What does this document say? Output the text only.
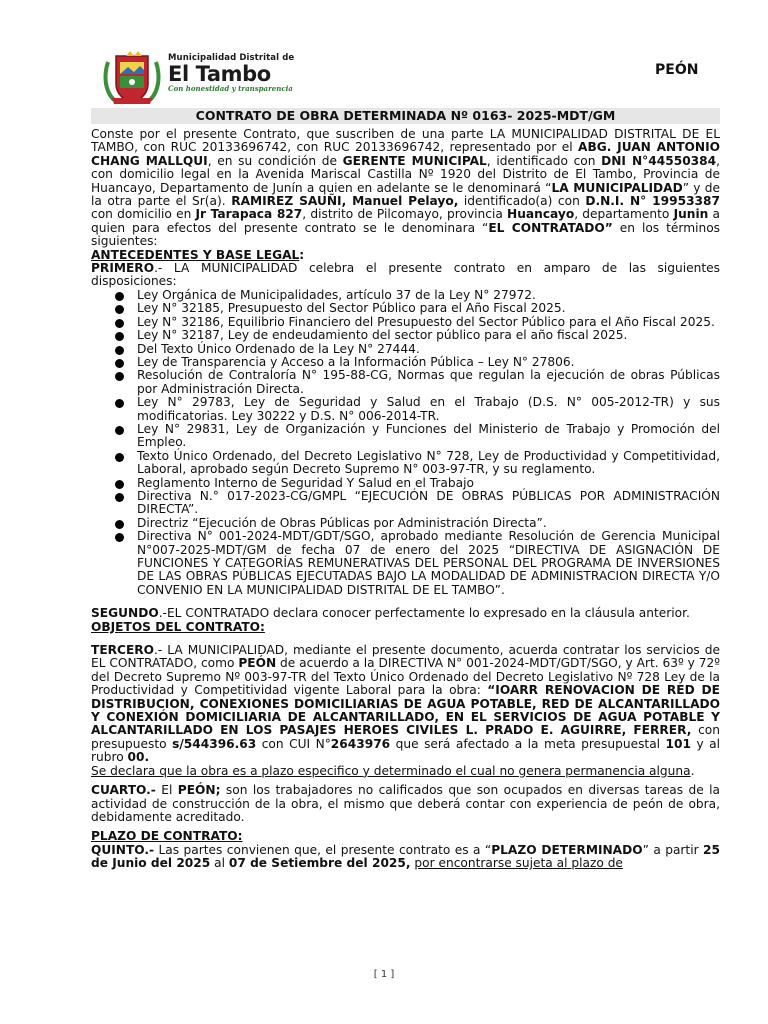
Municipalidad Distrital de
El Tambo
Con honestidad y transparencia
PEÓN
CONTRATO DE OBRA DETERMINADA Nº 0163- 2025-MDT/GM

Conste por el presente Contrato, que suscriben de una parte LA MUNICIPALIDAD DISTRITAL DE EL TAMBO, con RUC 20133696742, con RUC 20133696742, representado por el ABG. JUAN ANTONIO CHANG MALLQUI, en su condición de GERENTE MUNICIPAL, identificado con DNI N°44550384, con domicilio legal en la Avenida Mariscal Castilla Nº 1920 del Distrito de El Tambo, Provincia de Huancayo, Departamento de Junín a quien en adelante se le denominará “LA MUNICIPALIDAD” y de la otra parte el Sr(a). RAMIREZ SAUÑI, Manuel Pelayo, identificado(a) con D.N.I. N° 19953387 con domicilio en Jr Tarapaca 827, distrito de Pilcomayo, provincia Huancayo, departamento Junin a quien para efectos del presente contrato se le denominara “EL CONTRATADO” en los términos siguientes:

ANTECEDENTES Y BASE LEGAL:

PRIMERO.- LA MUNICIPALIDAD celebra el presente contrato en amparo de las siguientes disposiciones:

Ley Orgánica de Municipalidades, artículo 37 de la Ley N° 27972.
Ley N° 32185, Presupuesto del Sector Público para el Año Fiscal 2025.
Ley N° 32186, Equilibrio Financiero del Presupuesto del Sector Público para el Año Fiscal 2025.
Ley N° 32187, Ley de endeudamiento del sector público para el año fiscal 2025.
Del Texto Único Ordenado de la Ley N° 27444.
Ley de Transparencia y Acceso a la Información Pública – Ley N° 27806.
Resolución de Contraloría N° 195-88-CG, Normas que regulan la ejecución de obras Públicas por Administración Directa.
Ley N° 29783, Ley de Seguridad y Salud en el Trabajo (D.S. N° 005-2012-TR) y sus modificatorias. Ley 30222 y D.S. N° 006-2014-TR.
Ley N° 29831, Ley de Organización y Funciones del Ministerio de Trabajo y Promoción del Empleo.
Texto Único Ordenado, del Decreto Legislativo N° 728, Ley de Productividad y Competitividad, Laboral, aprobado según Decreto Supremo N° 003-97-TR, y su reglamento.
Reglamento Interno de Seguridad Y Salud en el Trabajo
Directiva N.° 017-2023-CG/GMPL “EJECUCIÓN DE OBRAS PÚBLICAS POR ADMINISTRACIÓN DIRECTA”.
Directriz “Ejecución de Obras Públicas por Administración Directa”.
Directiva N° 001-2024-MDT/GDT/SGO, aprobado mediante Resolución de Gerencia Municipal N°007-2025-MDT/GM de fecha 07 de enero del 2025 “DIRECTIVA DE ASIGNACIÓN DE FUNCIONES Y CATEGORÍAS REMUNERATIVAS DEL PERSONAL DEL PROGRAMA DE INVERSIONES DE LAS OBRAS PÚBLICAS EJECUTADAS BAJO LA MODALIDAD DE ADMINISTRACION DIRECTA Y/O CONVENIO EN LA MUNICIPALIDAD DISTRITAL DE EL TAMBO”.

SEGUNDO.-EL CONTRATADO declara conocer perfectamente lo expresado en la cláusula anterior.

OBJETOS DEL CONTRATO:

TERCERO.- LA MUNICIPALIDAD, mediante el presente documento, acuerda contratar los servicios de EL CONTRATADO, como PEÓN de acuerdo a la DIRECTIVA N° 001-2024-MDT/GDT/SGO, y Art. 63º y 72º del Decreto Supremo Nº 003-97-TR del Texto Único Ordenado del Decreto Legislativo Nº 728 Ley de la Productividad y Competitividad vigente Laboral para la obra: “IOARR RENOVACION DE RED DE DISTRIBUCION, CONEXIONES DOMICILIARIAS DE AGUA POTABLE, RED DE ALCANTARILLADO Y CONEXIÓN DOMICILIARIA DE ALCANTARILLADO, EN EL SERVICIOS DE AGUA POTABLE Y ALCANTARILLADO EN LOS PASAJES HEROES CIVILES L. PRADO E. AGUIRRE, FERRER, con presupuesto s/544396.63 con CUI N°2643976 que será afectado a la meta presupuestal 101 y al rubro 00.
Se declara que la obra es a plazo especifico y determinado el cual no genera permanencia alguna.

CUARTO.- El PEÓN; son los trabajadores no calificados que son ocupados en diversas tareas de la actividad de construcción de la obra, el mismo que deberá contar con experiencia de peón de obra, debidamente acreditado.

PLAZO DE CONTRATO:

QUINTO.- Las partes convienen que, el presente contrato es a “PLAZO DETERMINADO” a partir 25 de Junio del 2025 al 07 de Setiembre del 2025, por encontrarse sujeta al plazo de

[ 1 ]
